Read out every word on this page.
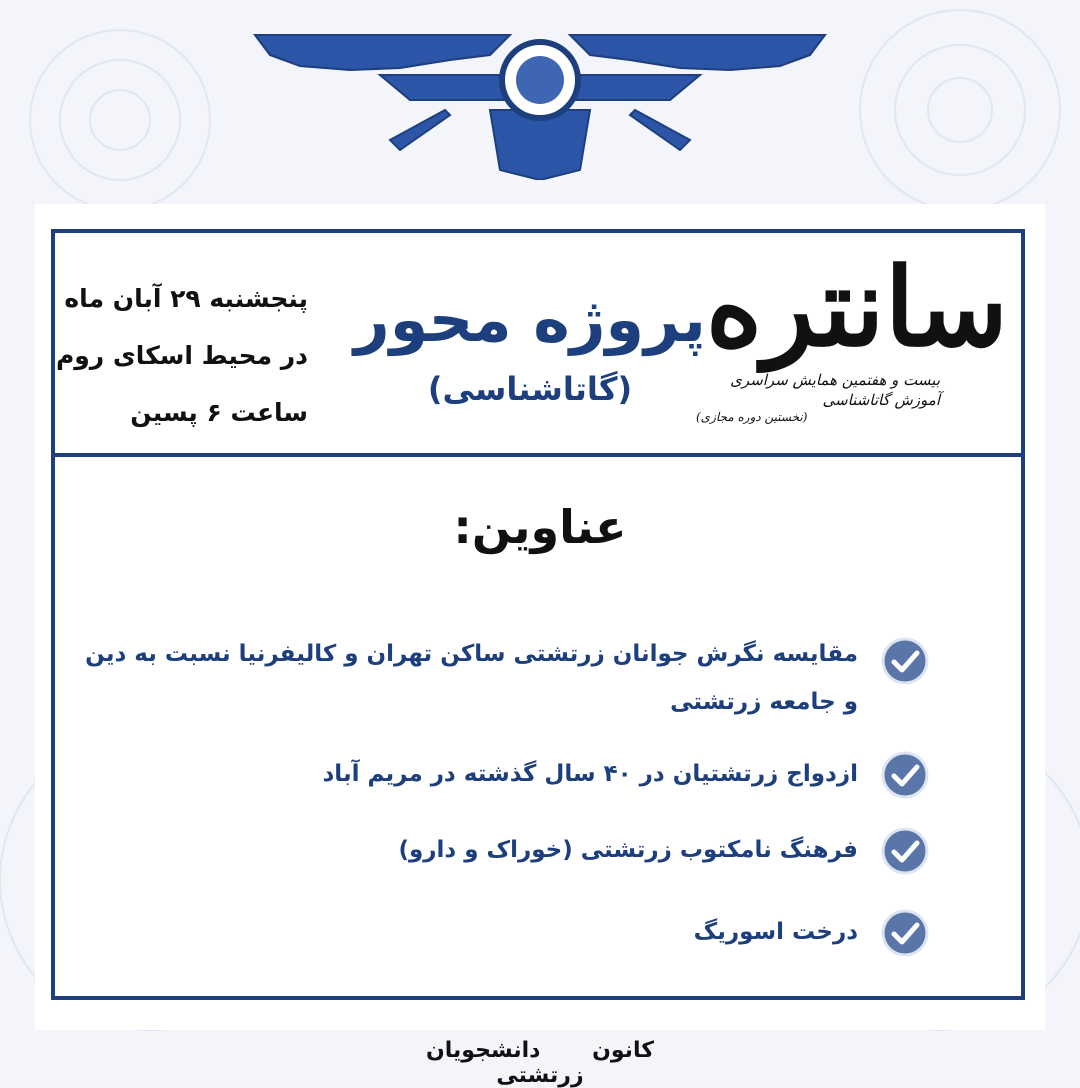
پنجشنبه ۲۹ آبان ماه
در محیط اسکای روم
ساعت ۶ پسین
پروژه محور
(گاتاشناسی)
سانتره
بیست و هفتمین همایش سراسری آموزش گاتاشناسی
(نخستین دوره مجازی)
عناوین:
مقایسه نگرش جوانان زرتشتی ساکن تهران و کالیفرنیا نسبت به دین و جامعه زرتشتی
ازدواج زرتشتیان در ۴۰ سال گذشته در مریم آباد
فرهنگ نامکتوب زرتشتی (خوراک و دارو)
درخت اسوریگ
کانون دانشجویان زرتشتی
